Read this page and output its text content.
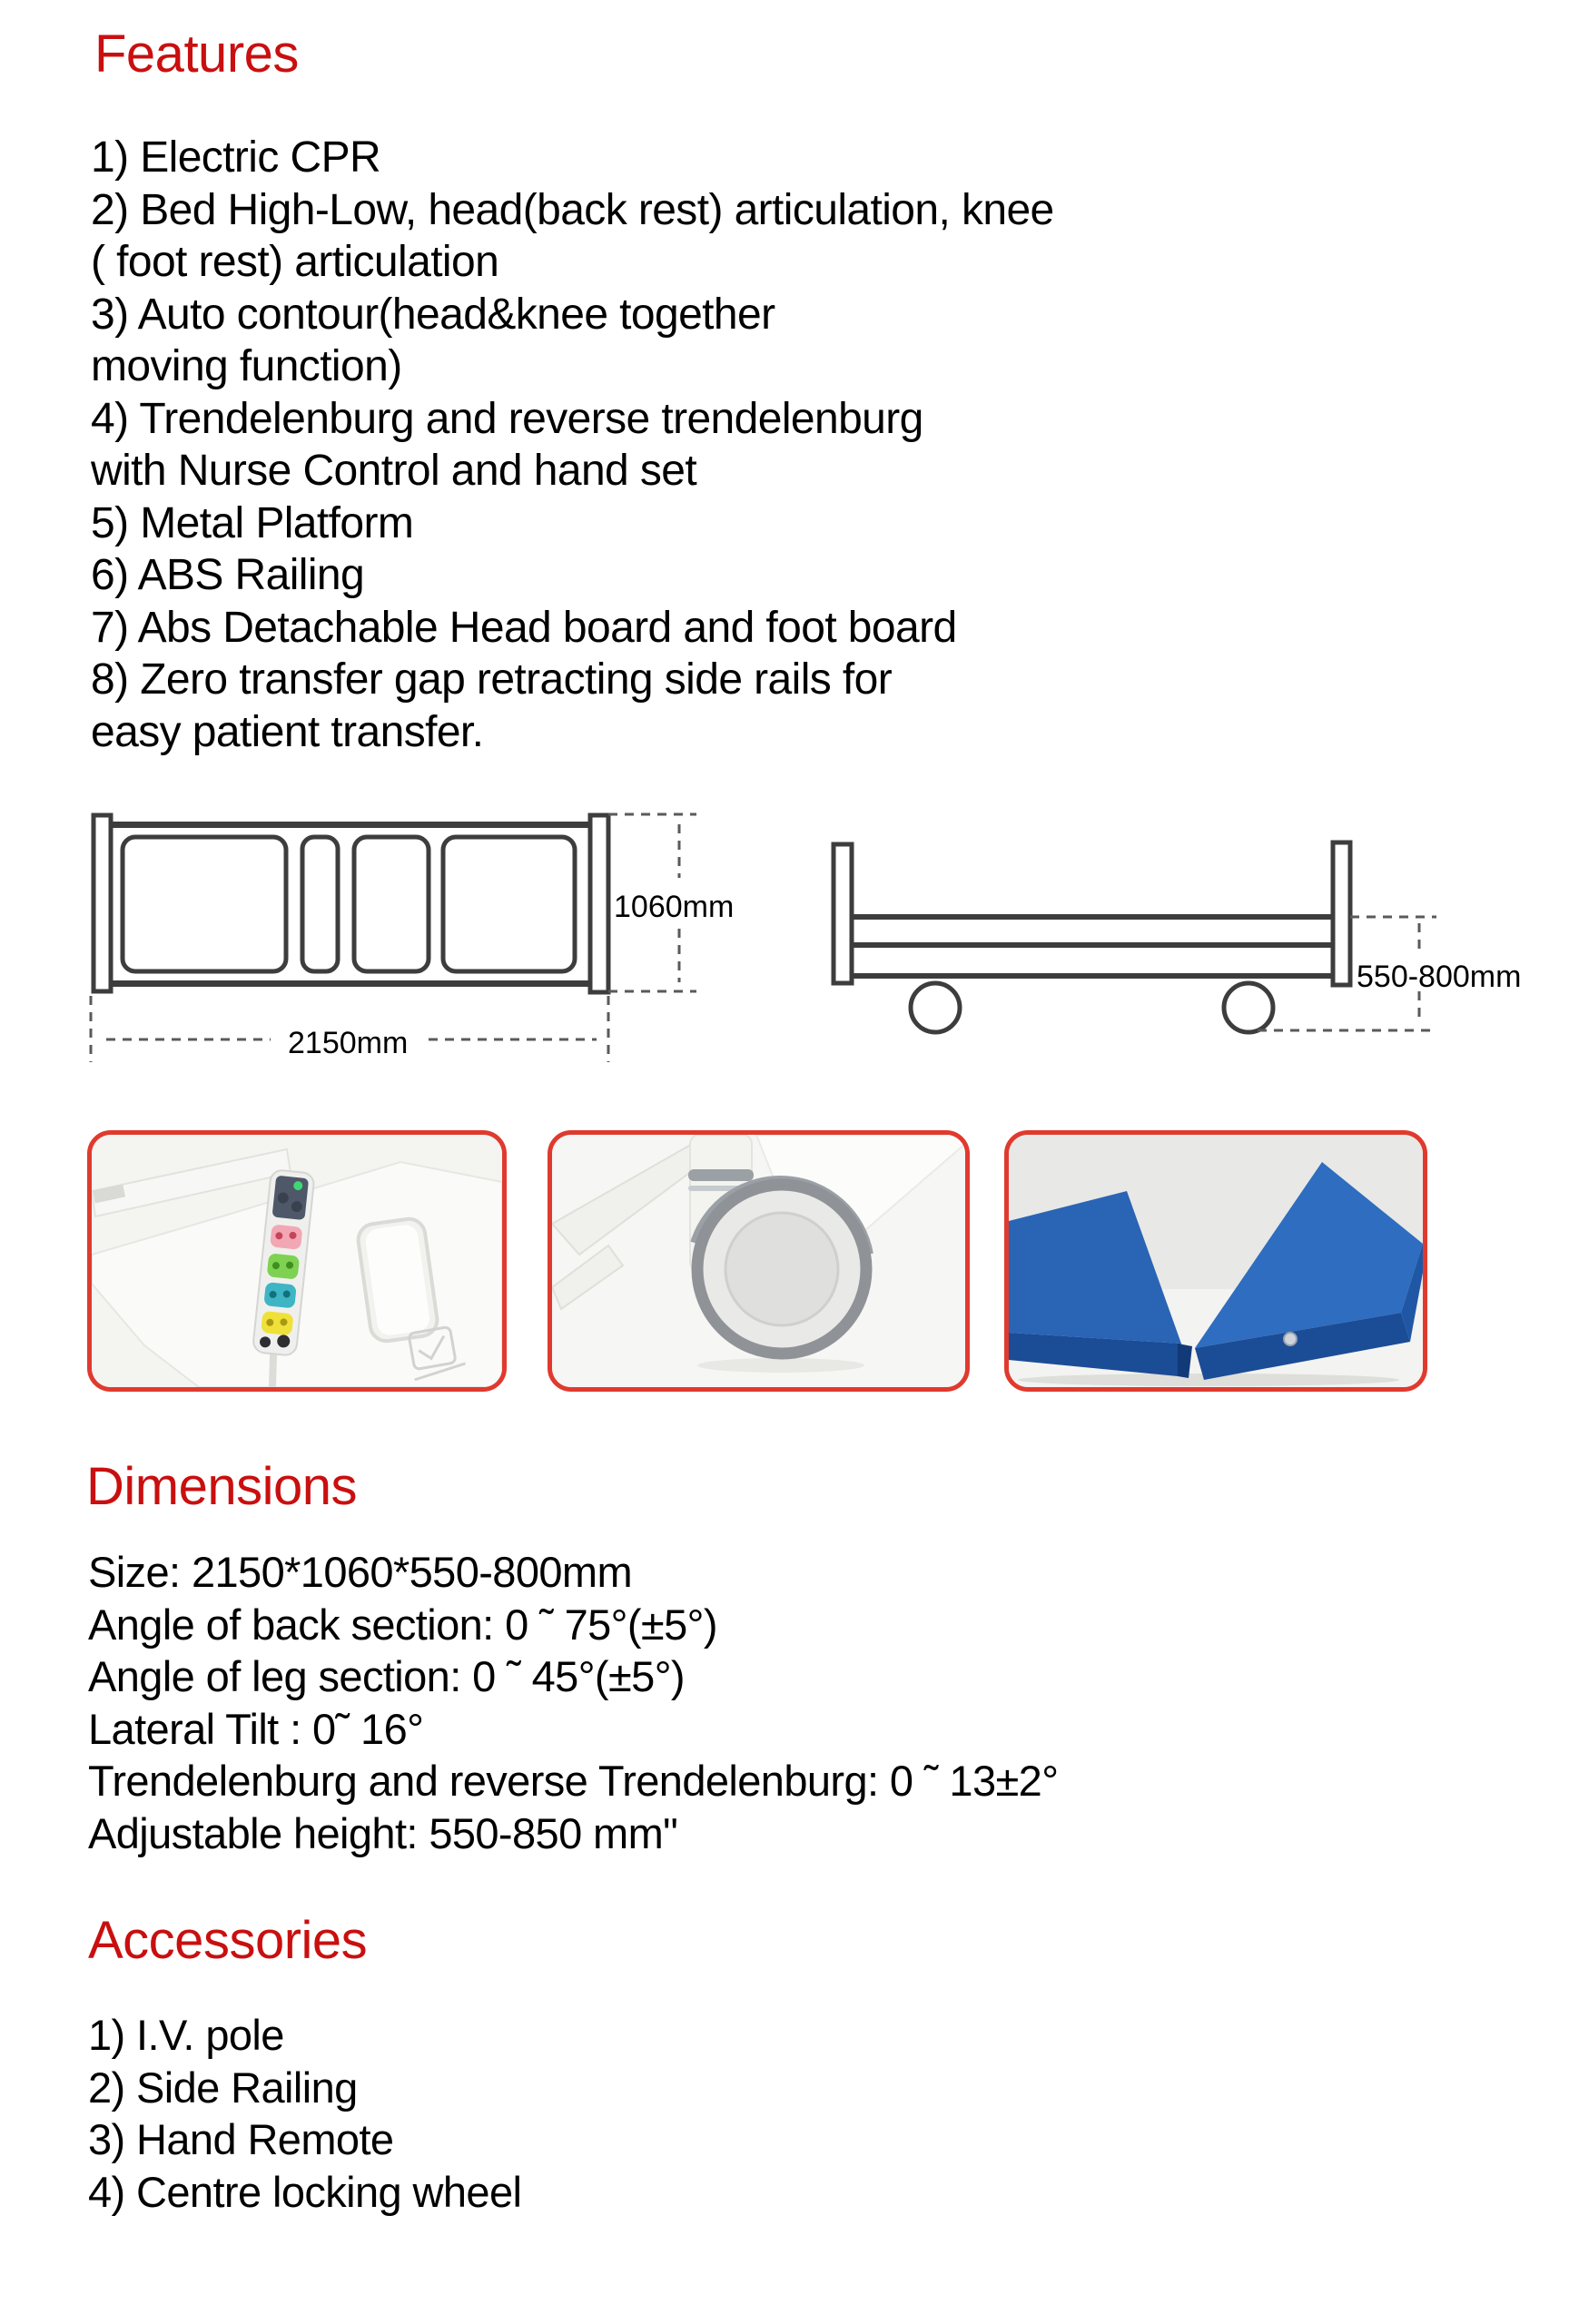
Features
1) Electric CPR
2) Bed High-Low, head(back rest) articulation, knee
( foot rest) articulation
3) Auto contour(head&knee together
moving function)
4) Trendelenburg and reverse trendelenburg
with Nurse Control and hand set
5) Metal Platform
6) ABS Railing
7) Abs Detachable Head board and foot board
8) Zero transfer gap retracting side rails for
easy patient transfer.
1060mm
2150mm
550-800mm
Dimensions
Size: 2150*1060*550-800mm
Angle of back section: 0 ˜ 75°(±5°)
Angle of leg section: 0 ˜ 45°(±5°)
Lateral Tilt : 0˜ 16°
Trendelenburg and reverse Trendelenburg: 0 ˜ 13±2°
Adjustable height: 550-850 mm"
Accessories
1) I.V. pole
2) Side Railing
3) Hand Remote
4) Centre locking wheel
